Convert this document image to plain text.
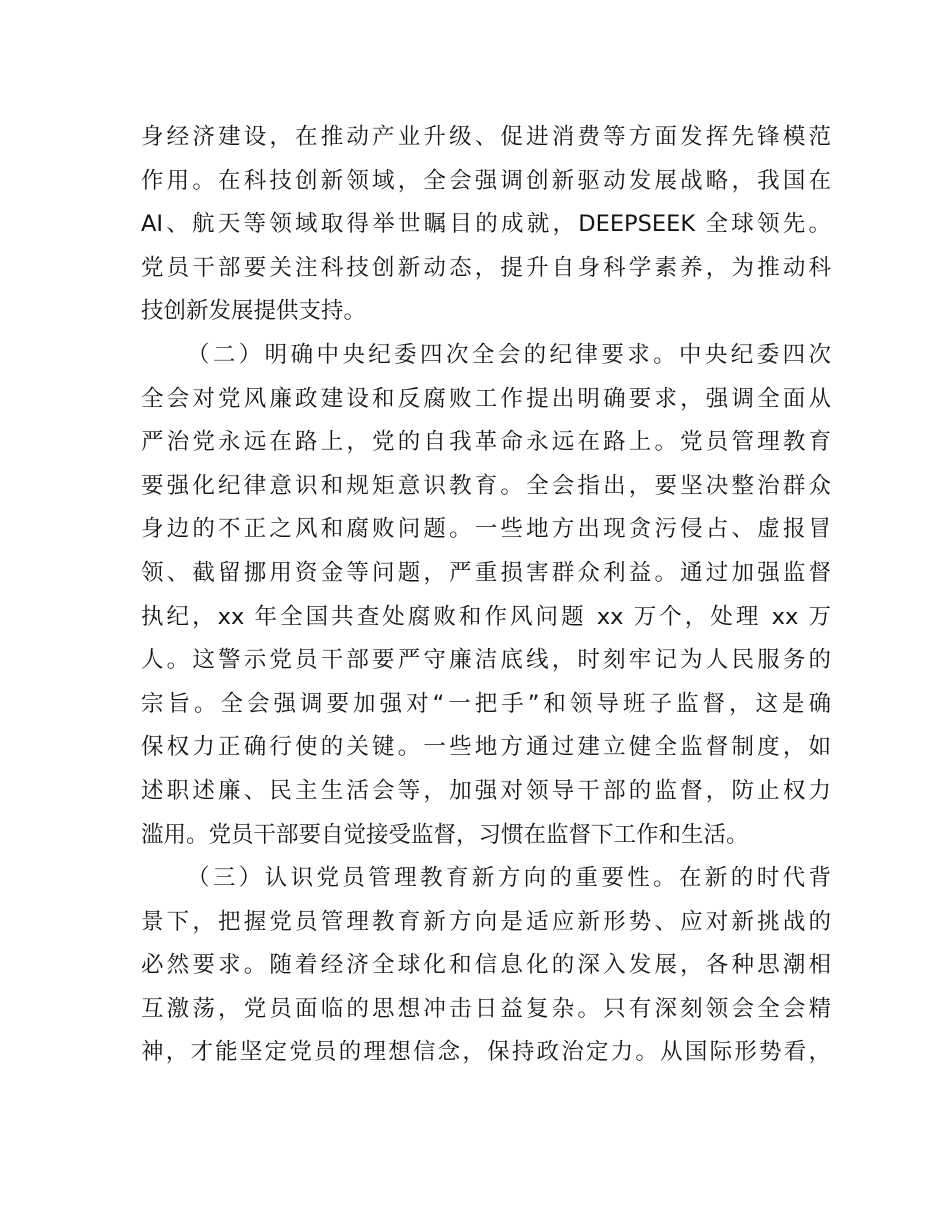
身经济建设，在推动产业升级、促进消费等方面发挥先锋模范
作用。在科技创新领域，全会强调创新驱动发展战略，我国在
AI、航天等领域取得举世瞩目的成就，DEEPSEEK 全球领先。
党员干部要关注科技创新动态，提升自身科学素养，为推动科
技创新发展提供支持。
（二）明确中央纪委四次全会的纪律要求。中央纪委四次
全会对党风廉政建设和反腐败工作提出明确要求，强调全面从
严治党永远在路上，党的自我革命永远在路上。党员管理教育
要强化纪律意识和规矩意识教育。全会指出，要坚决整治群众
身边的不正之风和腐败问题。一些地方出现贪污侵占、虚报冒
领、截留挪用资金等问题，严重损害群众利益。通过加强监督
执纪，xx 年全国共查处腐败和作风问题 xx 万个，处理 xx 万
人。这警示党员干部要严守廉洁底线，时刻牢记为人民服务的
宗旨。全会强调要加强对“一把手”和领导班子监督，这是确
保权力正确行使的关键。一些地方通过建立健全监督制度，如
述职述廉、民主生活会等，加强对领导干部的监督，防止权力
滥用。党员干部要自觉接受监督，习惯在监督下工作和生活。
（三）认识党员管理教育新方向的重要性。在新的时代背
景下，把握党员管理教育新方向是适应新形势、应对新挑战的
必然要求。随着经济全球化和信息化的深入发展，各种思潮相
互激荡，党员面临的思想冲击日益复杂。只有深刻领会全会精
神，才能坚定党员的理想信念，保持政治定力。从国际形势看，
